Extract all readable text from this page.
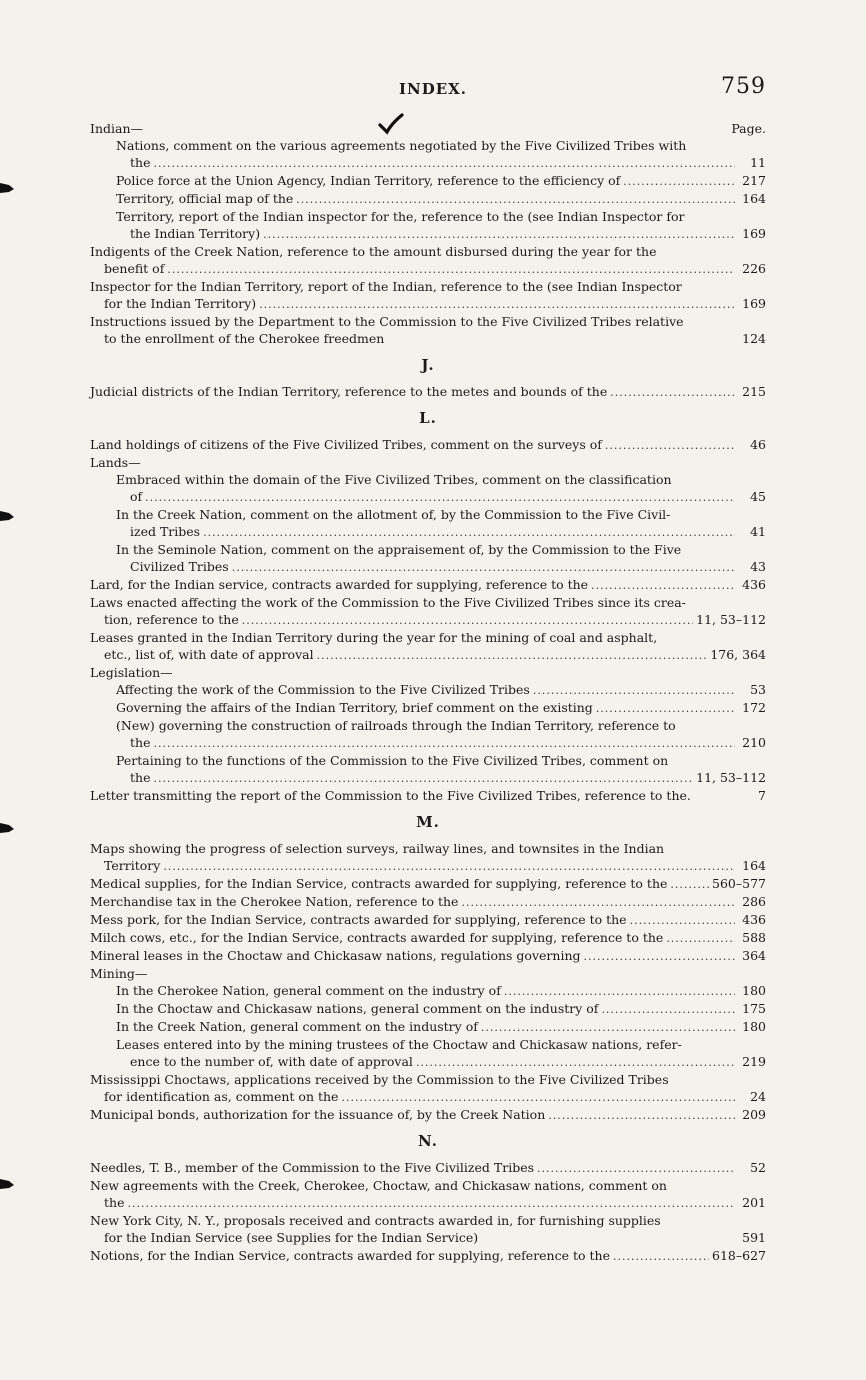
INDEX.	759
Indian—	Page.
Nations, comment on the various agreements negotiated by the Five Civilized Tribes with
the .....	11
Police force at the Union Agency, Indian Territory, reference to the efficiency of .....	217
Territory, official map of the .....	164
Territory, report of the Indian inspector for the, reference to the (see Indian Inspector for
the Indian Territory) .....	169
Indigents of the Creek Nation, reference to the amount disbursed during the year for the
benefit of .....	226
Inspector for the Indian Territory, report of the Indian, reference to the (see Indian Inspector
for the Indian Territory) .....	169
Instructions issued by the Department to the Commission to the Five Civilized Tribes relative
to the enrollment of the Cherokee freedmen	124
J.
Judicial districts of the Indian Territory, reference to the metes and bounds of the .....	215
L.
Land holdings of citizens of the Five Civilized Tribes, comment on the surveys of .....	46
Lands—
Embraced within the domain of the Five Civilized Tribes, comment on the classification
of .....	45
In the Creek Nation, comment on the allotment of, by the Commission to the Five Civil-
ized Tribes .....	41
In the Seminole Nation, comment on the appraisement of, by the Commission to the Five
Civilized Tribes .....	43
Lard, for the Indian service, contracts awarded for supplying, reference to the .....	436
Laws enacted affecting the work of the Commission to the Five Civilized Tribes since its crea-
tion, reference to the .....	11, 53–112
Leases granted in the Indian Territory during the year for the mining of coal and asphalt,
etc., list of, with date of approval .....	176, 364
Legislation—
Affecting the work of the Commission to the Five Civilized Tribes .....	53
Governing the affairs of the Indian Territory, brief comment on the existing .....	172
(New) governing the construction of railroads through the Indian Territory, reference to
the .....	210
Pertaining to the functions of the Commission to the Five Civilized Tribes, comment on
the .....	11, 53–112
Letter transmitting the report of the Commission to the Five Civilized Tribes, reference to the.	7
M.
Maps showing the progress of selection surveys, railway lines, and townsites in the Indian
Territory .....	164
Medical supplies, for the Indian Service, contracts awarded for supplying, reference to the .....	560–577
Merchandise tax in the Cherokee Nation, reference to the .....	286
Mess pork, for the Indian Service, contracts awarded for supplying, reference to the .....	436
Milch cows, etc., for the Indian Service, contracts awarded for supplying, reference to the .....	588
Mineral leases in the Choctaw and Chickasaw nations, regulations governing .....	364
Mining—
In the Cherokee Nation, general comment on the industry of .....	180
In the Choctaw and Chickasaw nations, general comment on the industry of .....	175
In the Creek Nation, general comment on the industry of .....	180
Leases entered into by the mining trustees of the Choctaw and Chickasaw nations, refer-
ence to the number of, with date of approval .....	219
Mississippi Choctaws, applications received by the Commission to the Five Civilized Tribes
for identification as, comment on the .....	24
Municipal bonds, authorization for the issuance of, by the Creek Nation .....	209
N.
Needles, T. B., member of the Commission to the Five Civilized Tribes .....	52
New agreements with the Creek, Cherokee, Choctaw, and Chickasaw nations, comment on
the .....	201
New York City, N. Y., proposals received and contracts awarded in, for furnishing supplies
for the Indian Service (see Supplies for the Indian Service)	591
Notions, for the Indian Service, contracts awarded for supplying, reference to the .....	618–627
